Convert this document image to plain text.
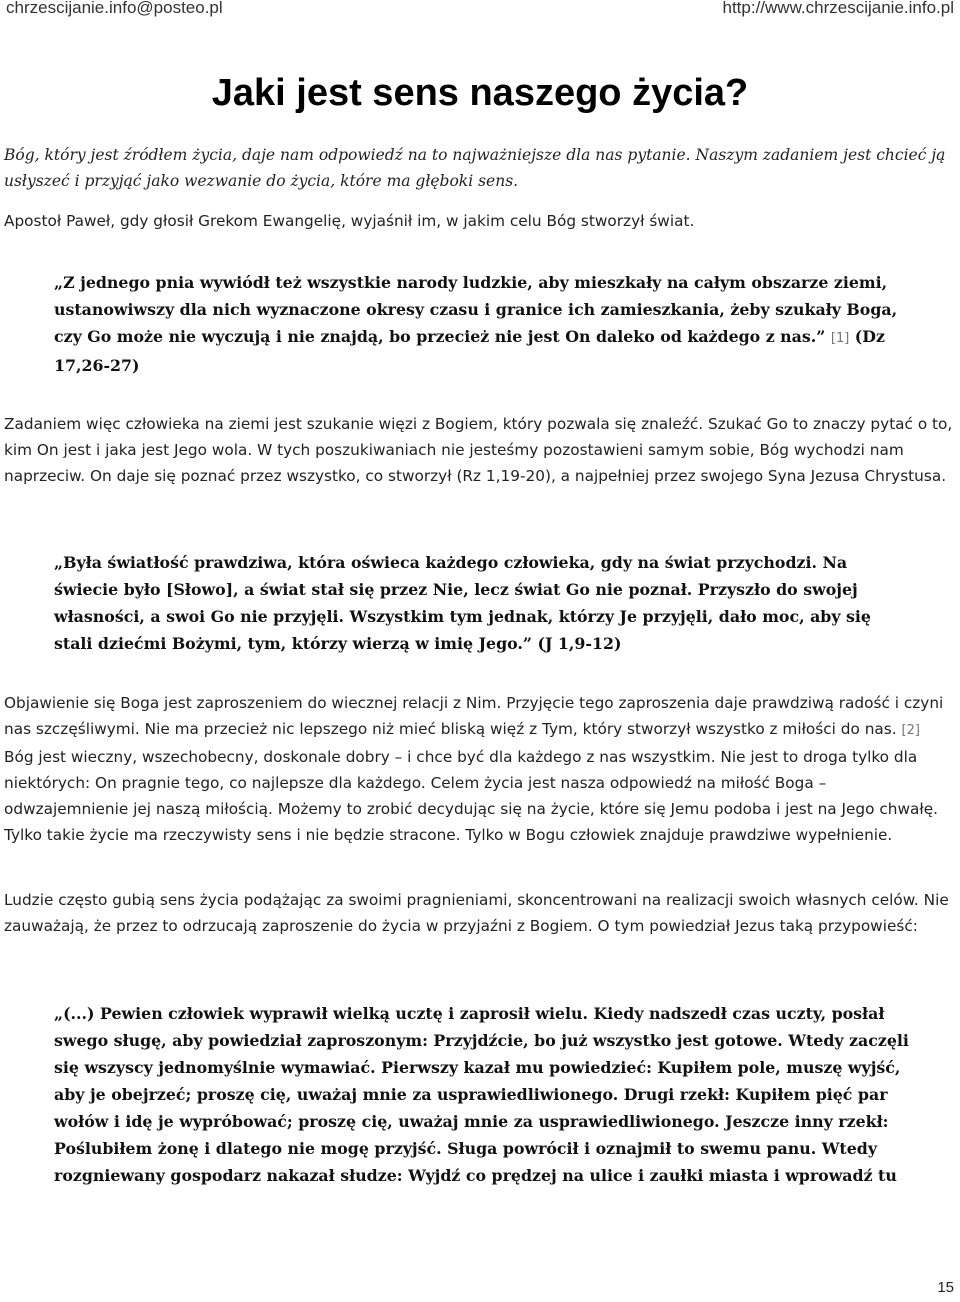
chrzescijanie.info@posteo.pl	http://www.chrzescijanie.info.pl
Jaki jest sens naszego życia?

Bóg, który jest źródłem życia, daje nam odpowiedź na to najważniejsze dla nas pytanie. Naszym zadaniem jest chcieć ją usłyszeć i przyjąć jako wezwanie do życia, które ma głęboki sens.

Apostoł Paweł, gdy głosił Grekom Ewangelię, wyjaśnił im, w jakim celu Bóg stworzył świat.

„Z jednego pnia wywiódł też wszystkie narody ludzkie, aby mieszkały na całym obszarze ziemi, ustanowiwszy dla nich wyznaczone okresy czasu i granice ich zamieszkania, żeby szukały Boga, czy Go może nie wyczują i nie znajdą, bo przecież nie jest On daleko od każdego z nas.” [1] (Dz 17,26-27)

Zadaniem więc człowieka na ziemi jest szukanie więzi z Bogiem, który pozwala się znaleźć. Szukać Go to znaczy pytać o to, kim On jest i jaka jest Jego wola. W tych poszukiwaniach nie jesteśmy pozostawieni samym sobie, Bóg wychodzi nam naprzeciw. On daje się poznać przez wszystko, co stworzył (Rz 1,19-20), a najpełniej przez swojego Syna Jezusa Chrystusa.

„Była światłość prawdziwa, która oświeca każdego człowieka, gdy na świat przychodzi. Na świecie było [Słowo], a świat stał się przez Nie, lecz świat Go nie poznał. Przyszło do swojej własności, a swoi Go nie przyjęli. Wszystkim tym jednak, którzy Je przyjęli, dało moc, aby się stali dziećmi Bożymi, tym, którzy wierzą w imię Jego.” (J 1,9-12)

Objawienie się Boga jest zaproszeniem do wiecznej relacji z Nim. Przyjęcie tego zaproszenia daje prawdziwą radość i czyni nas szczęśliwymi. Nie ma przecież nic lepszego niż mieć bliską więź z Tym, który stworzył wszystko z miłości do nas. [2] Bóg jest wieczny, wszechobecny, doskonale dobry – i chce być dla każdego z nas wszystkim. Nie jest to droga tylko dla niektórych: On pragnie tego, co najlepsze dla każdego. Celem życia jest nasza odpowiedź na miłość Boga – odwzajemnienie jej naszą miłością. Możemy to zrobić decydując się na życie, które się Jemu podoba i jest na Jego chwałę. Tylko takie życie ma rzeczywisty sens i nie będzie stracone. Tylko w Bogu człowiek znajduje prawdziwe wypełnienie.

Ludzie często gubią sens życia podążając za swoimi pragnieniami, skoncentrowani na realizacji swoich własnych celów. Nie zauważają, że przez to odrzucają zaproszenie do życia w przyjaźni z Bogiem. O tym powiedział Jezus taką przypowieść:

„(...) Pewien człowiek wyprawił wielką ucztę i zaprosił wielu. Kiedy nadszedł czas uczty, posłał swego sługę, aby powiedział zaproszonym: Przyjdźcie, bo już wszystko jest gotowe. Wtedy zaczęli się wszyscy jednomyślnie wymawiać. Pierwszy kazał mu powiedzieć: Kupiłem pole, muszę wyjść, aby je obejrzeć; proszę cię, uważaj mnie za usprawiedliwionego. Drugi rzekł: Kupiłem pięć par wołów i idę je wypróbować; proszę cię, uważaj mnie za usprawiedliwionego. Jeszcze inny rzekł: Poślubiłem żonę i dlatego nie mogę przyjść. Sługa powrócił i oznajmił to swemu panu. Wtedy rozgniewany gospodarz nakazał słudze: Wyjdź co prędzej na ulice i zaułki miasta i wprowadź tu

15
